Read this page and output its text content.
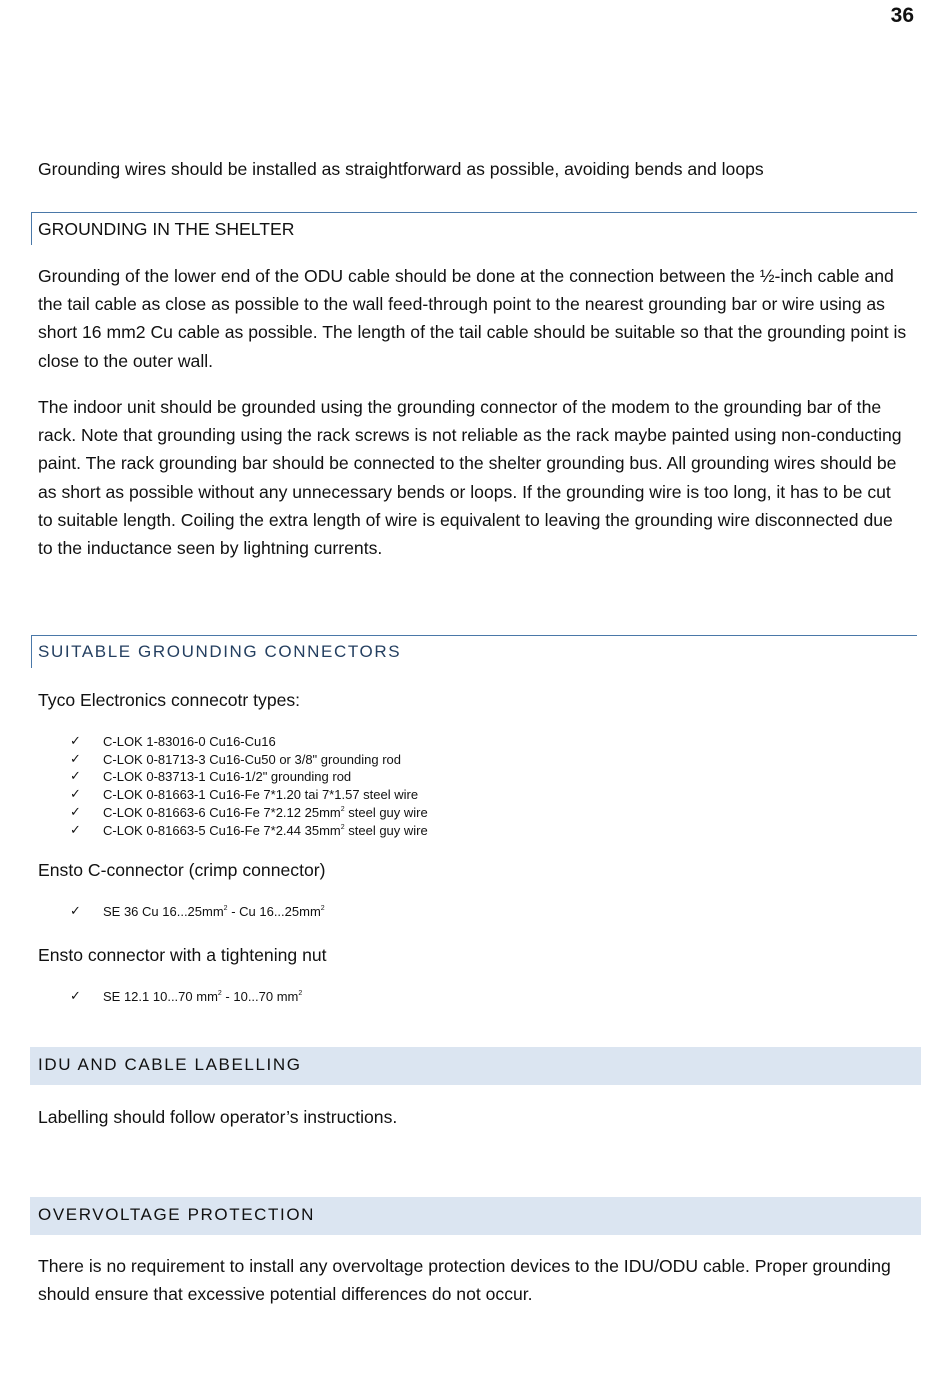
36
Grounding wires should be installed as straightforward as possible, avoiding bends and loops
GROUNDING IN THE SHELTER
Grounding of the lower end of the ODU cable should be done at the connection between the ½-inch cable and the tail cable as close as possible to the wall feed-through point to the nearest grounding bar or wire using as short 16 mm2 Cu cable as possible. The length of the tail cable should be suitable so that the grounding point is close to the outer wall.
The indoor unit should be grounded using the grounding connector of the modem to the grounding bar of the rack. Note that grounding using the rack screws is not reliable as the rack maybe painted using non-conducting paint. The rack grounding bar should be connected to the shelter grounding bus. All grounding wires should be as short as possible without any unnecessary bends or loops. If the grounding wire is too long, it has to be cut to suitable length. Coiling the extra length of wire is equivalent to leaving the grounding wire disconnected due to the inductance seen by lightning currents.
SUITABLE GROUNDING CONNECTORS
Tyco Electronics connecotr types:
✓ C-LOK 1-83016-0 Cu16-Cu16
✓ C-LOK 0-81713-3 Cu16-Cu50 or 3/8" grounding rod
✓ C-LOK 0-83713-1 Cu16-1/2" grounding rod
✓ C-LOK 0-81663-1 Cu16-Fe 7*1.20 tai 7*1.57 steel wire
✓ C-LOK 0-81663-6 Cu16-Fe 7*2.12 $25mm^2$ steel guy wire
✓ C-LOK 0-81663-5 Cu16-Fe 7*2.44 $35mm^2$ steel guy wire
Ensto C-connector (crimp connector)
✓ SE 36 Cu $16...25mm^2$ - Cu $16...25mm^2$
Ensto connector with a tightening nut
✓ SE 12.1 10...70 $mm^2 - 10...70$ $mm^2$
IDU AND CABLE LABELLING
Labelling should follow operator’s instructions.
OVERVOLTAGE PROTECTION
There is no requirement to install any overvoltage protection devices to the IDU/ODU cable. Proper grounding should ensure that excessive potential differences do not occur.
